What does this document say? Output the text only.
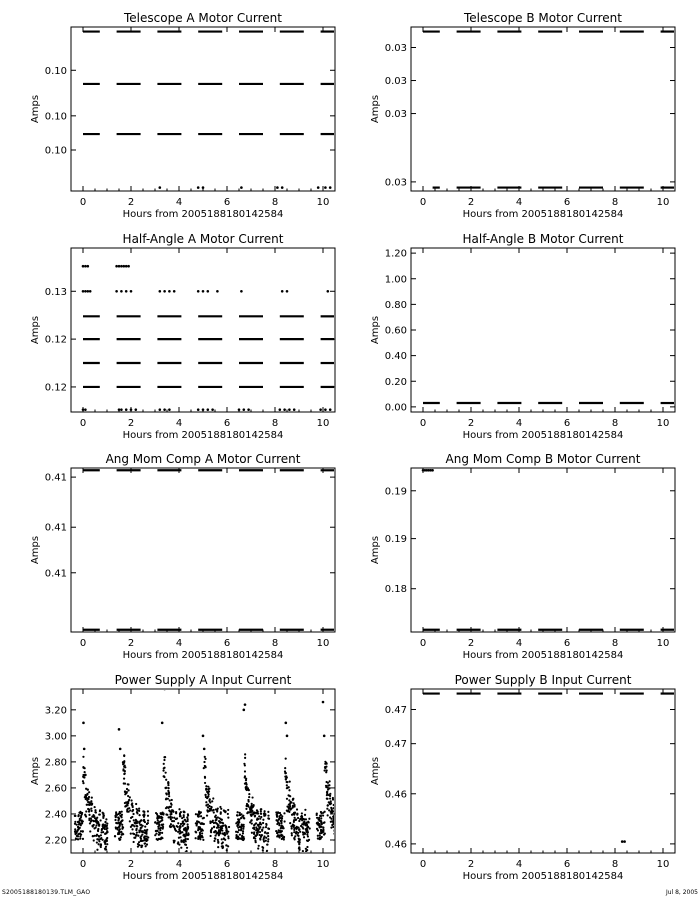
Telescope A Motor Current
Hours from 2005188180142584
Amps
0	2	4	6	8	10
0.10
0.10
0.10
Telescope B Motor Current
Hours from 2005188180142584
Amps
0	2	4	6	8	10
0.03
0.03
0.03
0.03
Half-Angle A Motor Current
Hours from 2005188180142584
Amps
0	2	4	6	8	10
0.12
0.12
0.13
Half-Angle B Motor Current
Hours from 2005188180142584
Amps
0	2	4	6	8	10
0.00
0.20
0.40
0.60
0.80
1.00
1.20
Ang Mom Comp A Motor Current
Hours from 2005188180142584
Amps
0	2	4	6	8	10
0.41
0.41
0.41
Ang Mom Comp B Motor Current
Hours from 2005188180142584
Amps
0	2	4	6	8	10
0.18
0.19
0.19
Power Supply A Input Current
Hours from 2005188180142584
Amps
0	2	4	6	8	10
2.20
2.40
2.60
2.80
3.00
3.20
Power Supply B Input Current
Hours from 2005188180142584
Amps
0	2	4	6	8	10
0.46
0.46
0.47
0.47
S2005188180139.TLM_GAO	Jul 8, 2005
